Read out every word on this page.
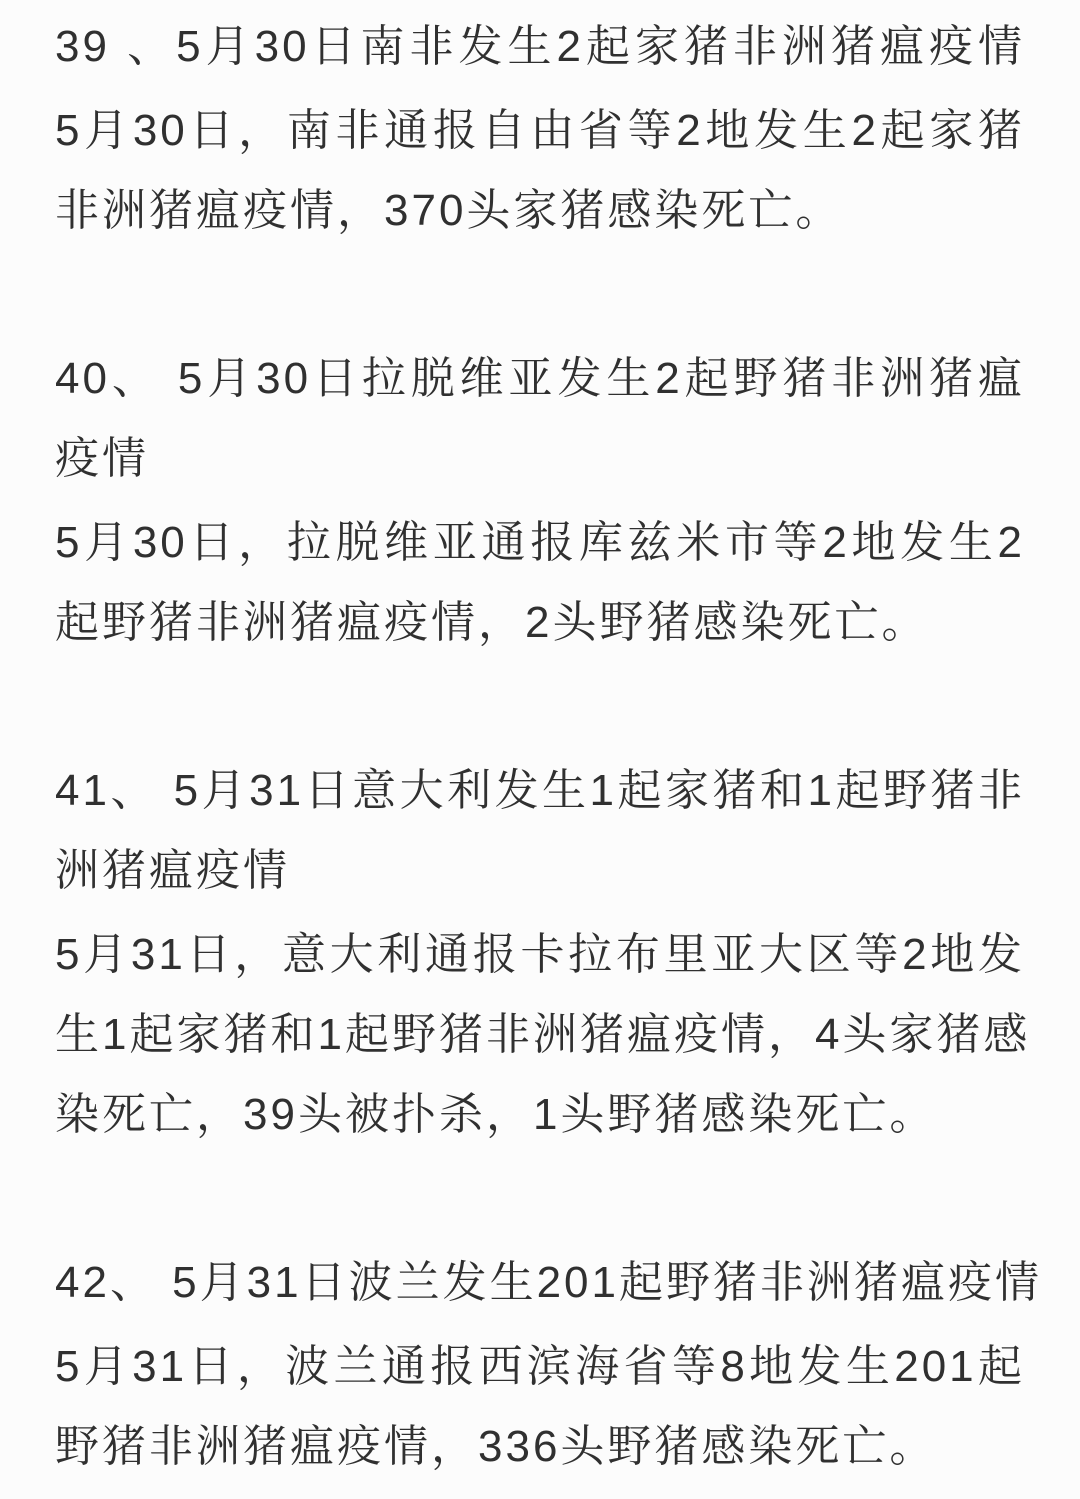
39 、5月30日南非发生2起家猪非洲猪瘟疫情
5月30日，南非通报自由省等2地发生2起家猪
非洲猪瘟疫情，370头家猪感染死亡。
40、 5月30日拉脱维亚发生2起野猪非洲猪瘟
疫情
5月30日，拉脱维亚通报库兹米市等2地发生2
起野猪非洲猪瘟疫情，2头野猪感染死亡。
41、 5月31日意大利发生1起家猪和1起野猪非
洲猪瘟疫情
5月31日，意大利通报卡拉布里亚大区等2地发
生1起家猪和1起野猪非洲猪瘟疫情，4头家猪感
染死亡，39头被扑杀，1头野猪感染死亡。
42、 5月31日波兰发生201起野猪非洲猪瘟疫情
5月31日，波兰通报西滨海省等8地发生201起
野猪非洲猪瘟疫情，336头野猪感染死亡。
